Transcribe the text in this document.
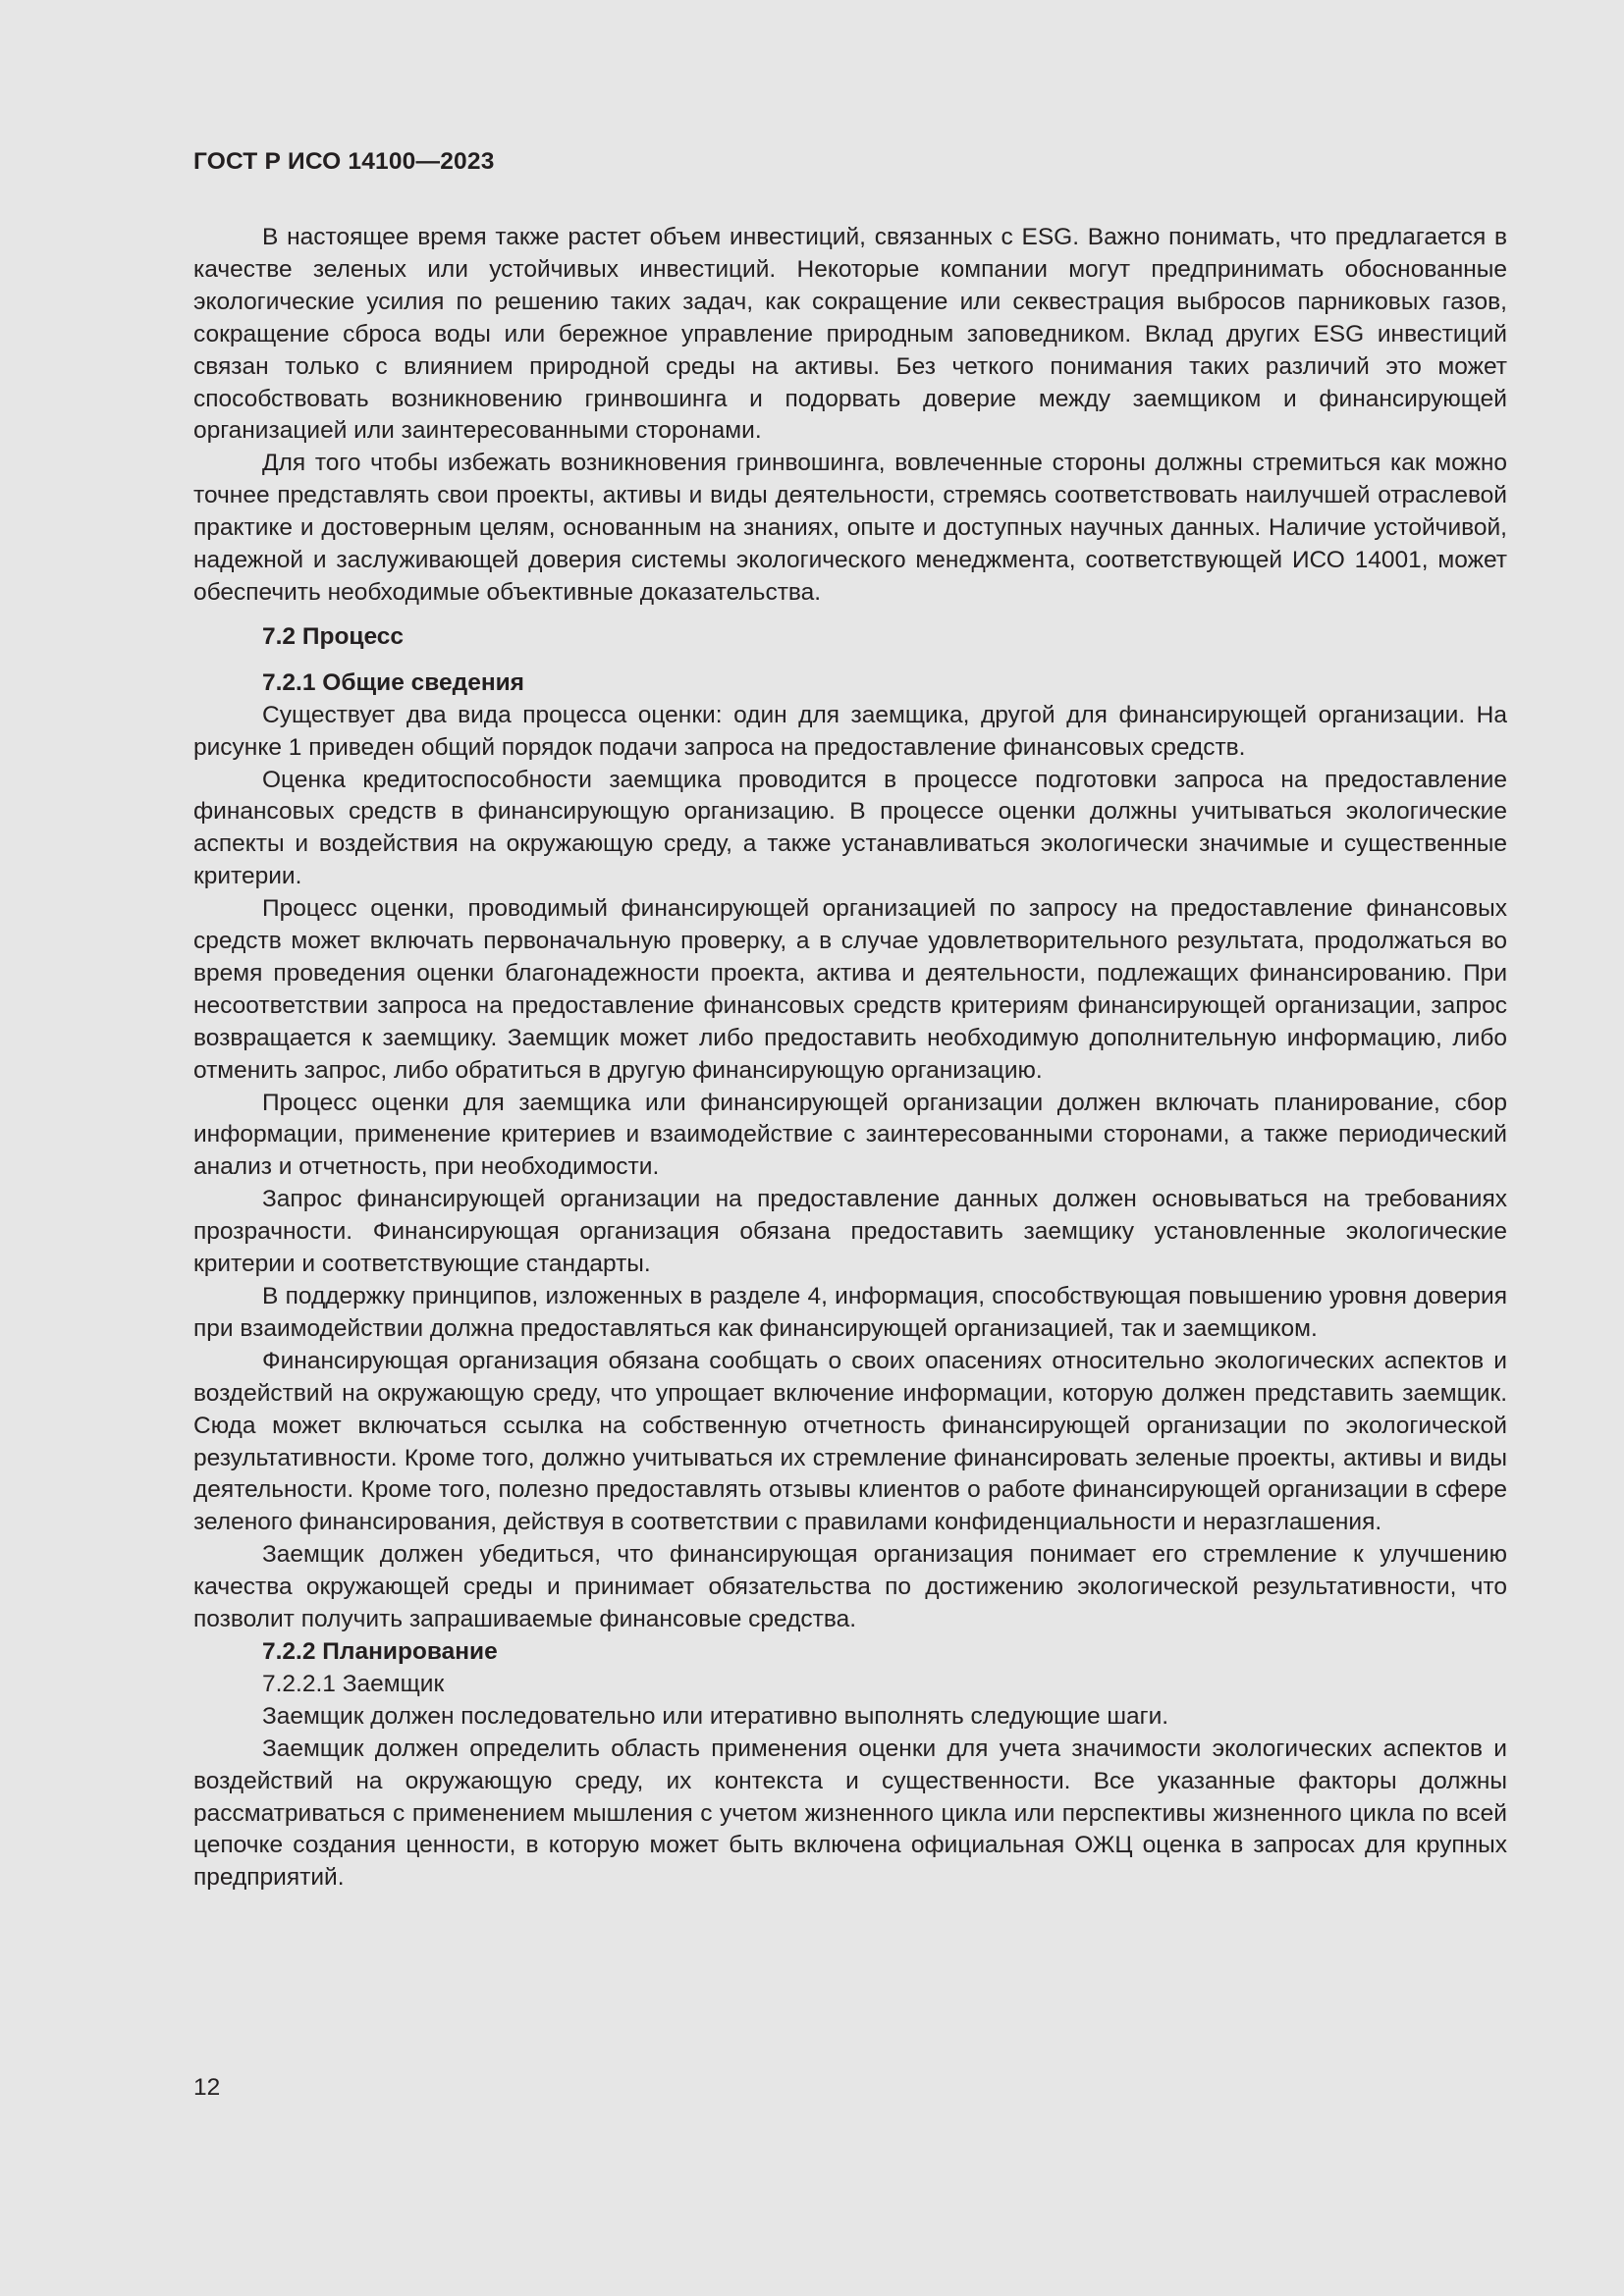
ГОСТ Р ИСО 14100—2023

В настоящее время также растет объем инвестиций, связанных с ESG. Важно понимать, что предлагается в качестве зеленых или устойчивых инвестиций. Некоторые компании могут предпринимать обоснованные экологические усилия по решению таких задач, как сокращение или секвестрация выбросов парниковых газов, сокращение сброса воды или бережное управление природным заповедником. Вклад других ESG инвестиций связан только с влиянием природной среды на активы. Без четкого понимания таких различий это может способствовать возникновению гринвошинга и подорвать доверие между заемщиком и финансирующей организацией или заинтересованными сторонами.

Для того чтобы избежать возникновения гринвошинга, вовлеченные стороны должны стремиться как можно точнее представлять свои проекты, активы и виды деятельности, стремясь соответствовать наилучшей отраслевой практике и достоверным целям, основанным на знаниях, опыте и доступных научных данных. Наличие устойчивой, надежной и заслуживающей доверия системы экологического менеджмента, соответствующей ИСО 14001, может обеспечить необходимые объективные доказательства.

7.2 Процесс

7.2.1 Общие сведения

Существует два вида процесса оценки: один для заемщика, другой для финансирующей организации. На рисунке 1 приведен общий порядок подачи запроса на предоставление финансовых средств.

Оценка кредитоспособности заемщика проводится в процессе подготовки запроса на предоставление финансовых средств в финансирующую организацию. В процессе оценки должны учитываться экологические аспекты и воздействия на окружающую среду, а также устанавливаться экологически значимые и существенные критерии.

Процесс оценки, проводимый финансирующей организацией по запросу на предоставление финансовых средств может включать первоначальную проверку, а в случае удовлетворительного результата, продолжаться во время проведения оценки благонадежности проекта, актива и деятельности, подлежащих финансированию. При несоответствии запроса на предоставление финансовых средств критериям финансирующей организации, запрос возвращается к заемщику. Заемщик может либо предоставить необходимую дополнительную информацию, либо отменить запрос, либо обратиться в другую финансирующую организацию.

Процесс оценки для заемщика или финансирующей организации должен включать планирование, сбор информации, применение критериев и взаимодействие с заинтересованными сторонами, а также периодический анализ и отчетность, при необходимости.

Запрос финансирующей организации на предоставление данных должен основываться на требованиях прозрачности. Финансирующая организация обязана предоставить заемщику установленные экологические критерии и соответствующие стандарты.

В поддержку принципов, изложенных в разделе 4, информация, способствующая повышению уровня доверия при взаимодействии должна предоставляться как финансирующей организацией, так и заемщиком.

Финансирующая организация обязана сообщать о своих опасениях относительно экологических аспектов и воздействий на окружающую среду, что упрощает включение информации, которую должен представить заемщик. Сюда может включаться ссылка на собственную отчетность финансирующей организации по экологической результативности. Кроме того, должно учитываться их стремление финансировать зеленые проекты, активы и виды деятельности. Кроме того, полезно предоставлять отзывы клиентов о работе финансирующей организации в сфере зеленого финансирования, действуя в соответствии с правилами конфиденциальности и неразглашения.

Заемщик должен убедиться, что финансирующая организация понимает его стремление к улучшению качества окружающей среды и принимает обязательства по достижению экологической результативности, что позволит получить запрашиваемые финансовые средства.

7.2.2 Планирование

7.2.2.1 Заемщик

Заемщик должен последовательно или итеративно выполнять следующие шаги.

Заемщик должен определить область применения оценки для учета значимости экологических аспектов и воздействий на окружающую среду, их контекста и существенности. Все указанные факторы должны рассматриваться с применением мышления с учетом жизненного цикла или перспективы жизненного цикла по всей цепочке создания ценности, в которую может быть включена официальная ОЖЦ оценка в запросах для крупных предприятий.

12
